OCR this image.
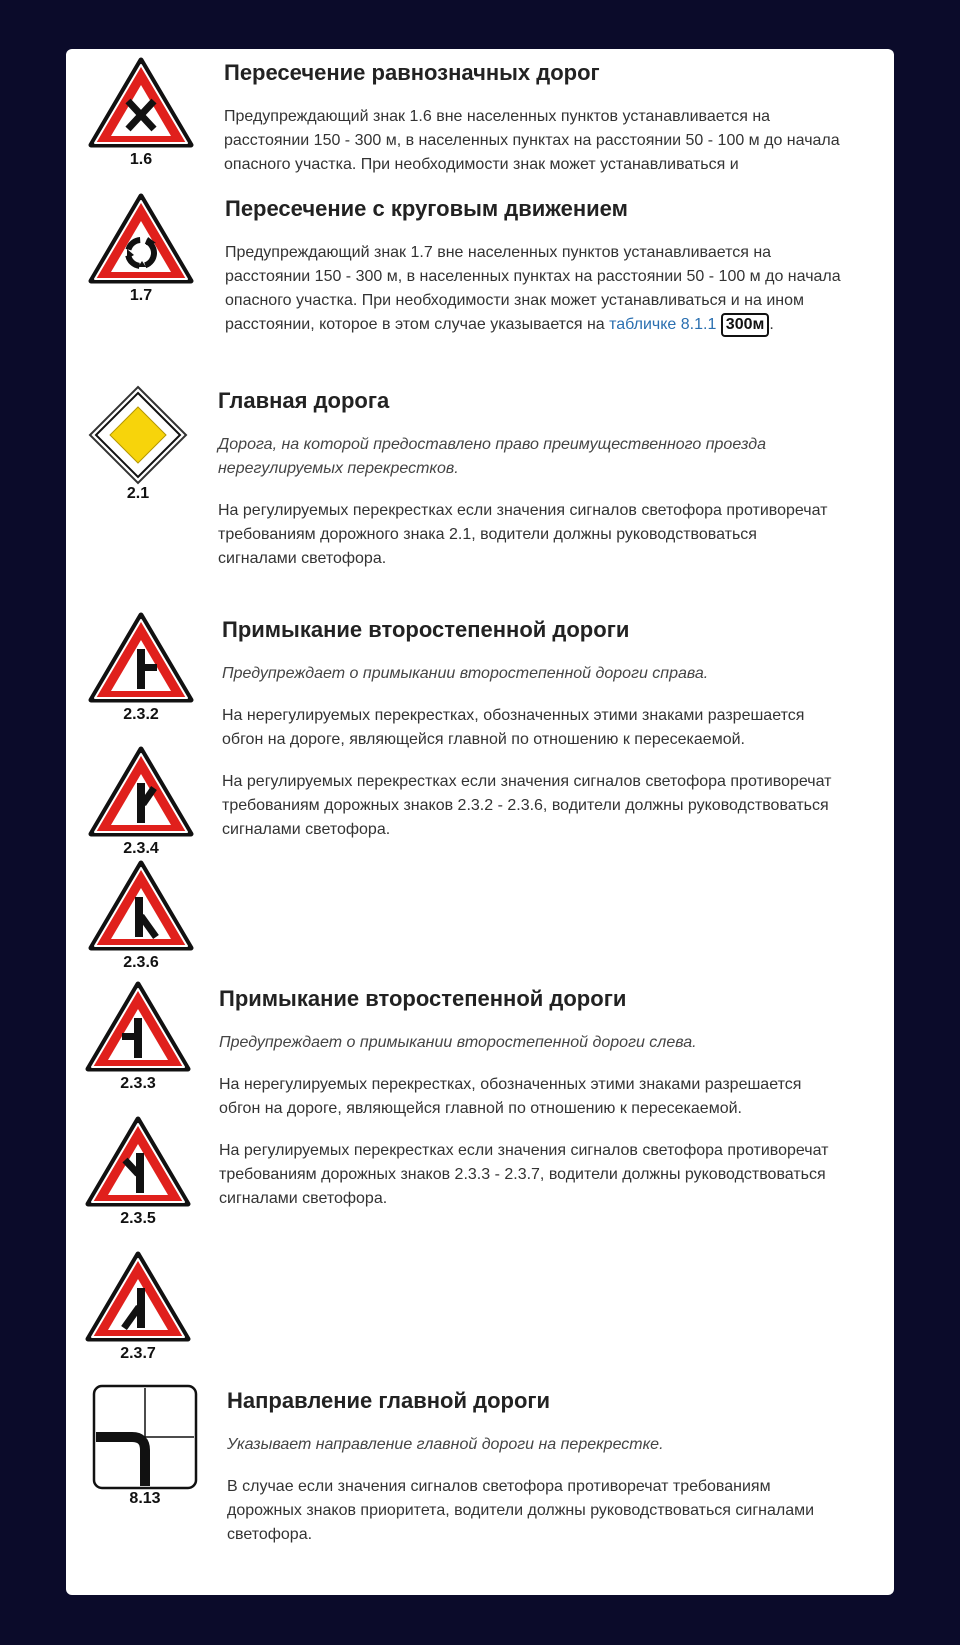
1.6
Пересечение равнозначных дорог

Предупреждающий знак 1.6 вне населенных пунктов устанавливается на расстоянии 150 - 300 м, в населенных пунктах на расстоянии 50 - 100 м до начала опасного участка. При необходимости знак может устанавливаться и

1.7
Пересечение с круговым движением

Предупреждающий знак 1.7 вне населенных пунктов устанавливается на расстоянии 150 - 300 м, в населенных пунктах на расстоянии 50 - 100 м до начала опасного участка. При необходимости знак может устанавливаться и на ином расстоянии, которое в этом случае указывается на табличке 8.1.1 300м .

2.1
Главная дорога

Дорога, на которой предоставлено право преимущественного проезда нерегулируемых перекрестков.

На регулируемых перекрестках если значения сигналов светофора противоречат требованиям дорожного знака 2.1, водители должны руководствоваться сигналами светофора.

2.3.2
2.3.4
2.3.6
Примыкание второстепенной дороги

Предупреждает о примыкании второстепенной дороги справа.

На нерегулируемых перекрестках, обозначенных этими знаками разрешается обгон на дороге, являющейся главной по отношению к пересекаемой.

На регулируемых перекрестках если значения сигналов светофора противоречат требованиям дорожных знаков 2.3.2 - 2.3.6, водители должны руководствоваться сигналами светофора.

2.3.3
2.3.5
2.3.7
Примыкание второстепенной дороги

Предупреждает о примыкании второстепенной дороги слева.

На нерегулируемых перекрестках, обозначенных этими знаками разрешается обгон на дороге, являющейся главной по отношению к пересекаемой.

На регулируемых перекрестках если значения сигналов светофора противоречат требованиям дорожных знаков 2.3.3 - 2.3.7, водители должны руководствоваться сигналами светофора.

8.13
Направление главной дороги

Указывает направление главной дороги на перекрестке.

В случае если значения сигналов светофора противоречат требованиям дорожных знаков приоритета, водители должны руководствоваться сигналами светофора.
